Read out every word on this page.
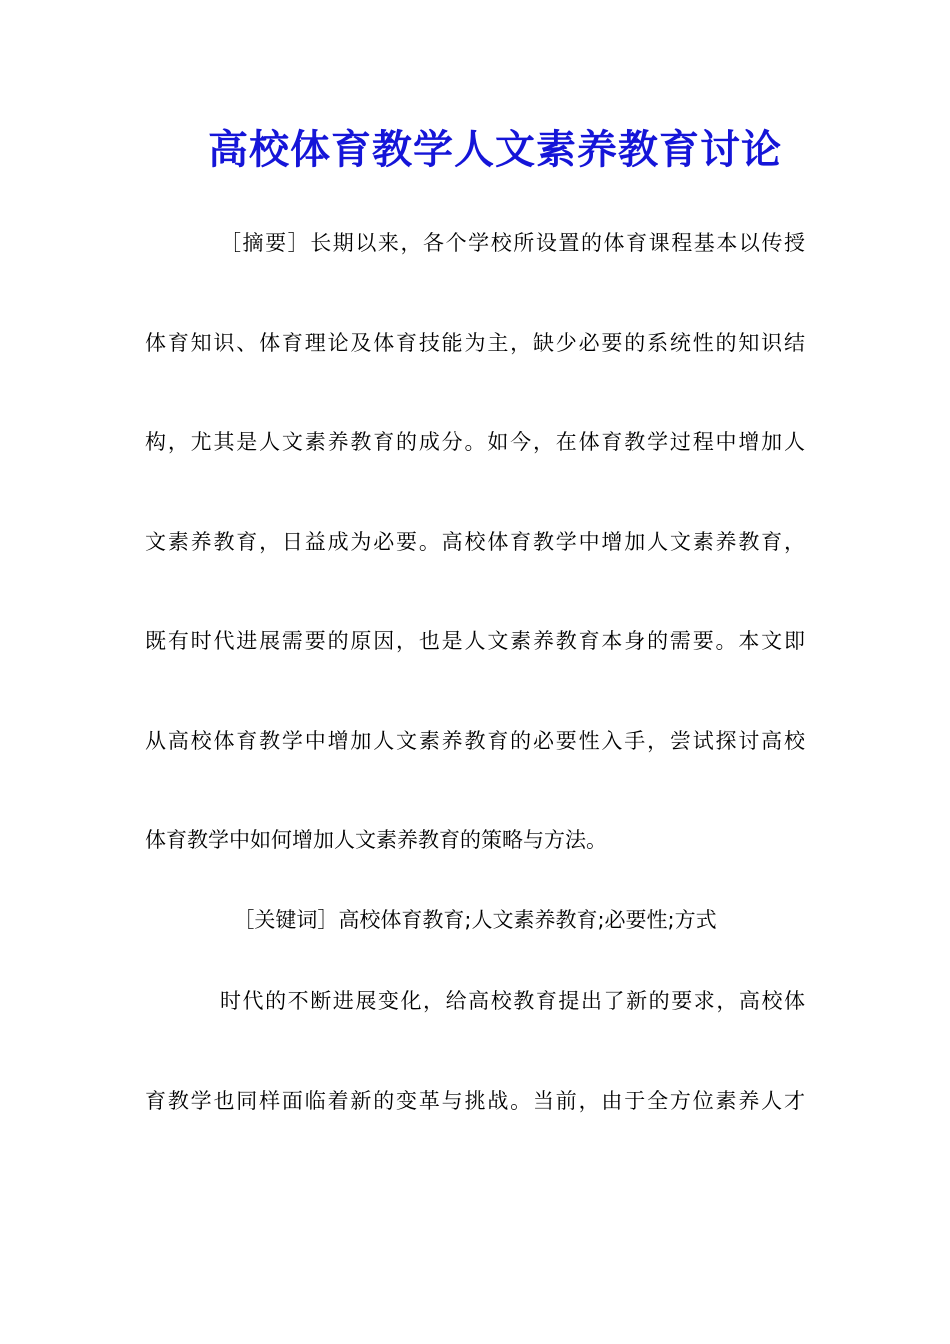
高校体育教学人文素养教育讨论
［摘要］长期以来，各个学校所设置的体育课程基本以传授
体育知识、体育理论及体育技能为主，缺少必要的系统性的知识结
构，尤其是人文素养教育的成分。如今，在体育教学过程中增加人
文素养教育，日益成为必要。高校体育教学中增加人文素养教育，
既有时代进展需要的原因，也是人文素养教育本身的需要。本文即
从高校体育教学中增加人文素养教育的必要性入手，尝试探讨高校
体育教学中如何增加人文素养教育的策略与方法。
［关键词］高校体育教育;人文素养教育;必要性;方式
时代的不断进展变化，给高校教育提出了新的要求，高校体
育教学也同样面临着新的变革与挑战。当前，由于全方位素养人才
